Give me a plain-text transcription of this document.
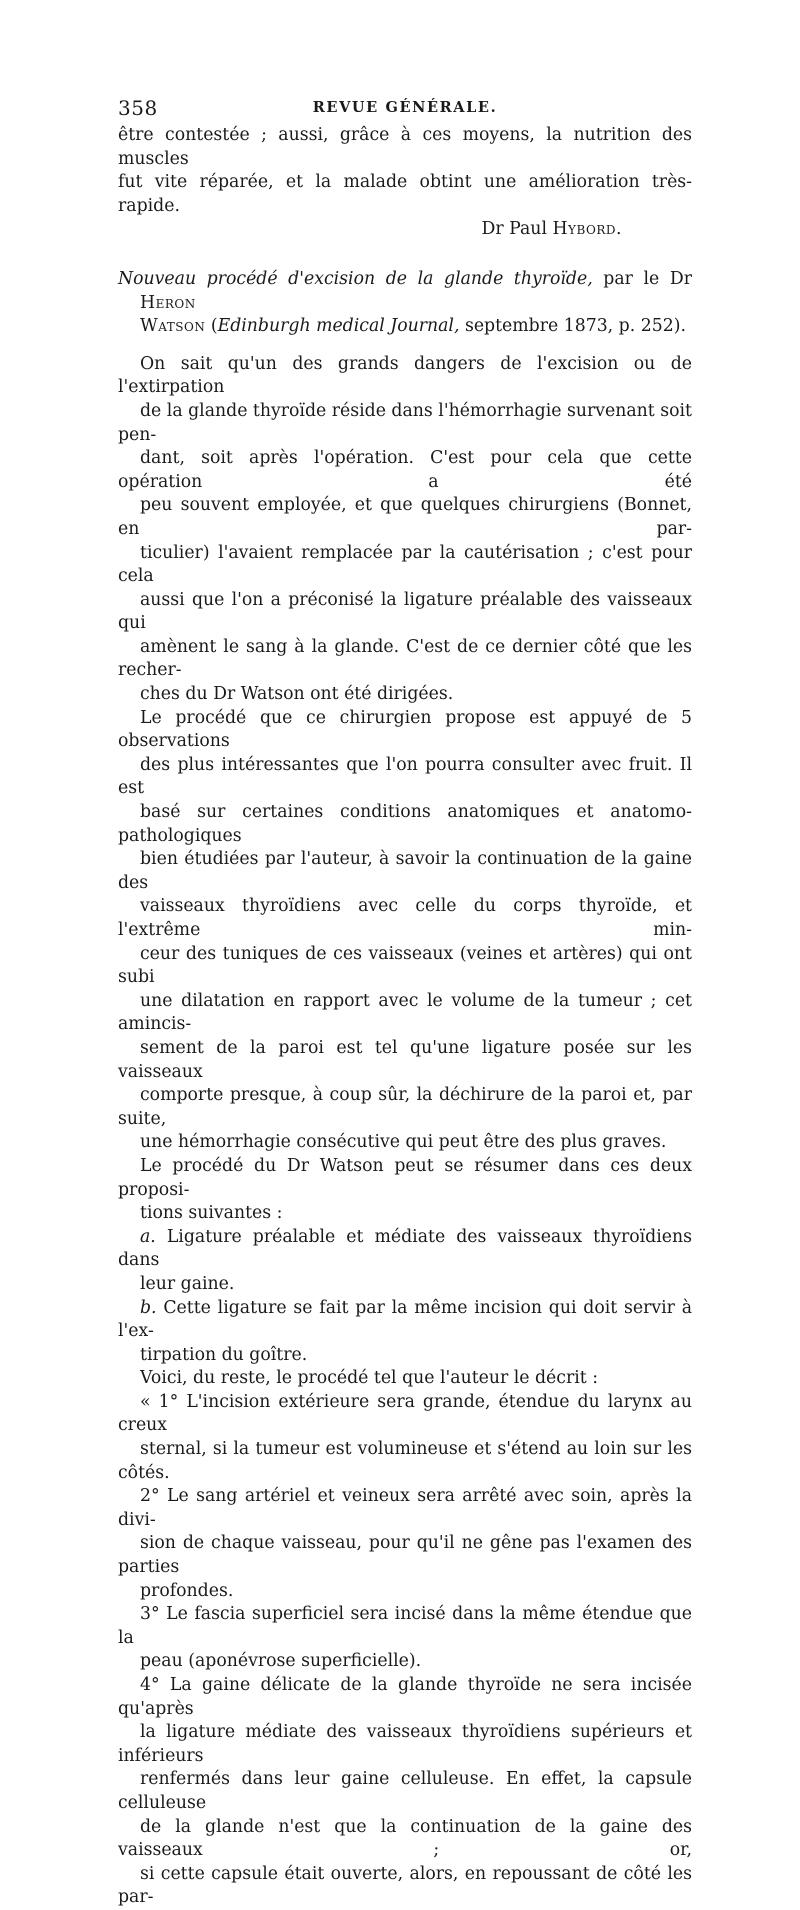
358	REVUE GÉNÉRALE.

être contestée ; aussi, grâce à ces moyens, la nutrition des muscles
fut vite réparée, et la malade obtint une amélioration très-rapide.

Dr Paul Hybord.

Nouveau procédé d'excision de la glande thyroïde, par le Dr Heron
Watson (Edinburgh medical Journal, septembre 1873, p. 252).

On sait qu'un des grands dangers de l'excision ou de l'extirpation
de la glande thyroïde réside dans l'hémorrhagie survenant soit pen-
dant, soit après l'opération. C'est pour cela que cette opération a été
peu souvent employée, et que quelques chirurgiens (Bonnet, en par-
ticulier) l'avaient remplacée par la cautérisation ; c'est pour cela
aussi que l'on a préconisé la ligature préalable des vaisseaux qui
amènent le sang à la glande. C'est de ce dernier côté que les recher-
ches du Dr Watson ont été dirigées.

Le procédé que ce chirurgien propose est appuyé de 5 observations
des plus intéressantes que l'on pourra consulter avec fruit. Il est
basé sur certaines conditions anatomiques et anatomo-pathologiques
bien étudiées par l'auteur, à savoir la continuation de la gaine des
vaisseaux thyroïdiens avec celle du corps thyroïde, et l'extrême min-
ceur des tuniques de ces vaisseaux (veines et artères) qui ont subi
une dilatation en rapport avec le volume de la tumeur ; cet amincis-
sement de la paroi est tel qu'une ligature posée sur les vaisseaux
comporte presque, à coup sûr, la déchirure de la paroi et, par suite,
une hémorrhagie consécutive qui peut être des plus graves.

Le procédé du Dr Watson peut se résumer dans ces deux proposi-
tions suivantes :

a. Ligature préalable et médiate des vaisseaux thyroïdiens dans
leur gaine.

b. Cette ligature se fait par la même incision qui doit servir à l'ex-
tirpation du goître.

Voici, du reste, le procédé tel que l'auteur le décrit :

« 1° L'incision extérieure sera grande, étendue du larynx au creux
sternal, si la tumeur est volumineuse et s'étend au loin sur les côtés.

2° Le sang artériel et veineux sera arrêté avec soin, après la divi-
sion de chaque vaisseau, pour qu'il ne gêne pas l'examen des parties
profondes.

3° Le fascia superficiel sera incisé dans la même étendue que la
peau (aponévrose superficielle).

4° La gaine délicate de la glande thyroïde ne sera incisée qu'après
la ligature médiate des vaisseaux thyroïdiens supérieurs et inférieurs
renfermés dans leur gaine celluleuse. En effet, la capsule celluleuse
de la glande n'est que la continuation de la gaine des vaisseaux ; or,
si cette capsule était ouverte, alors, en repoussant de côté les par-
